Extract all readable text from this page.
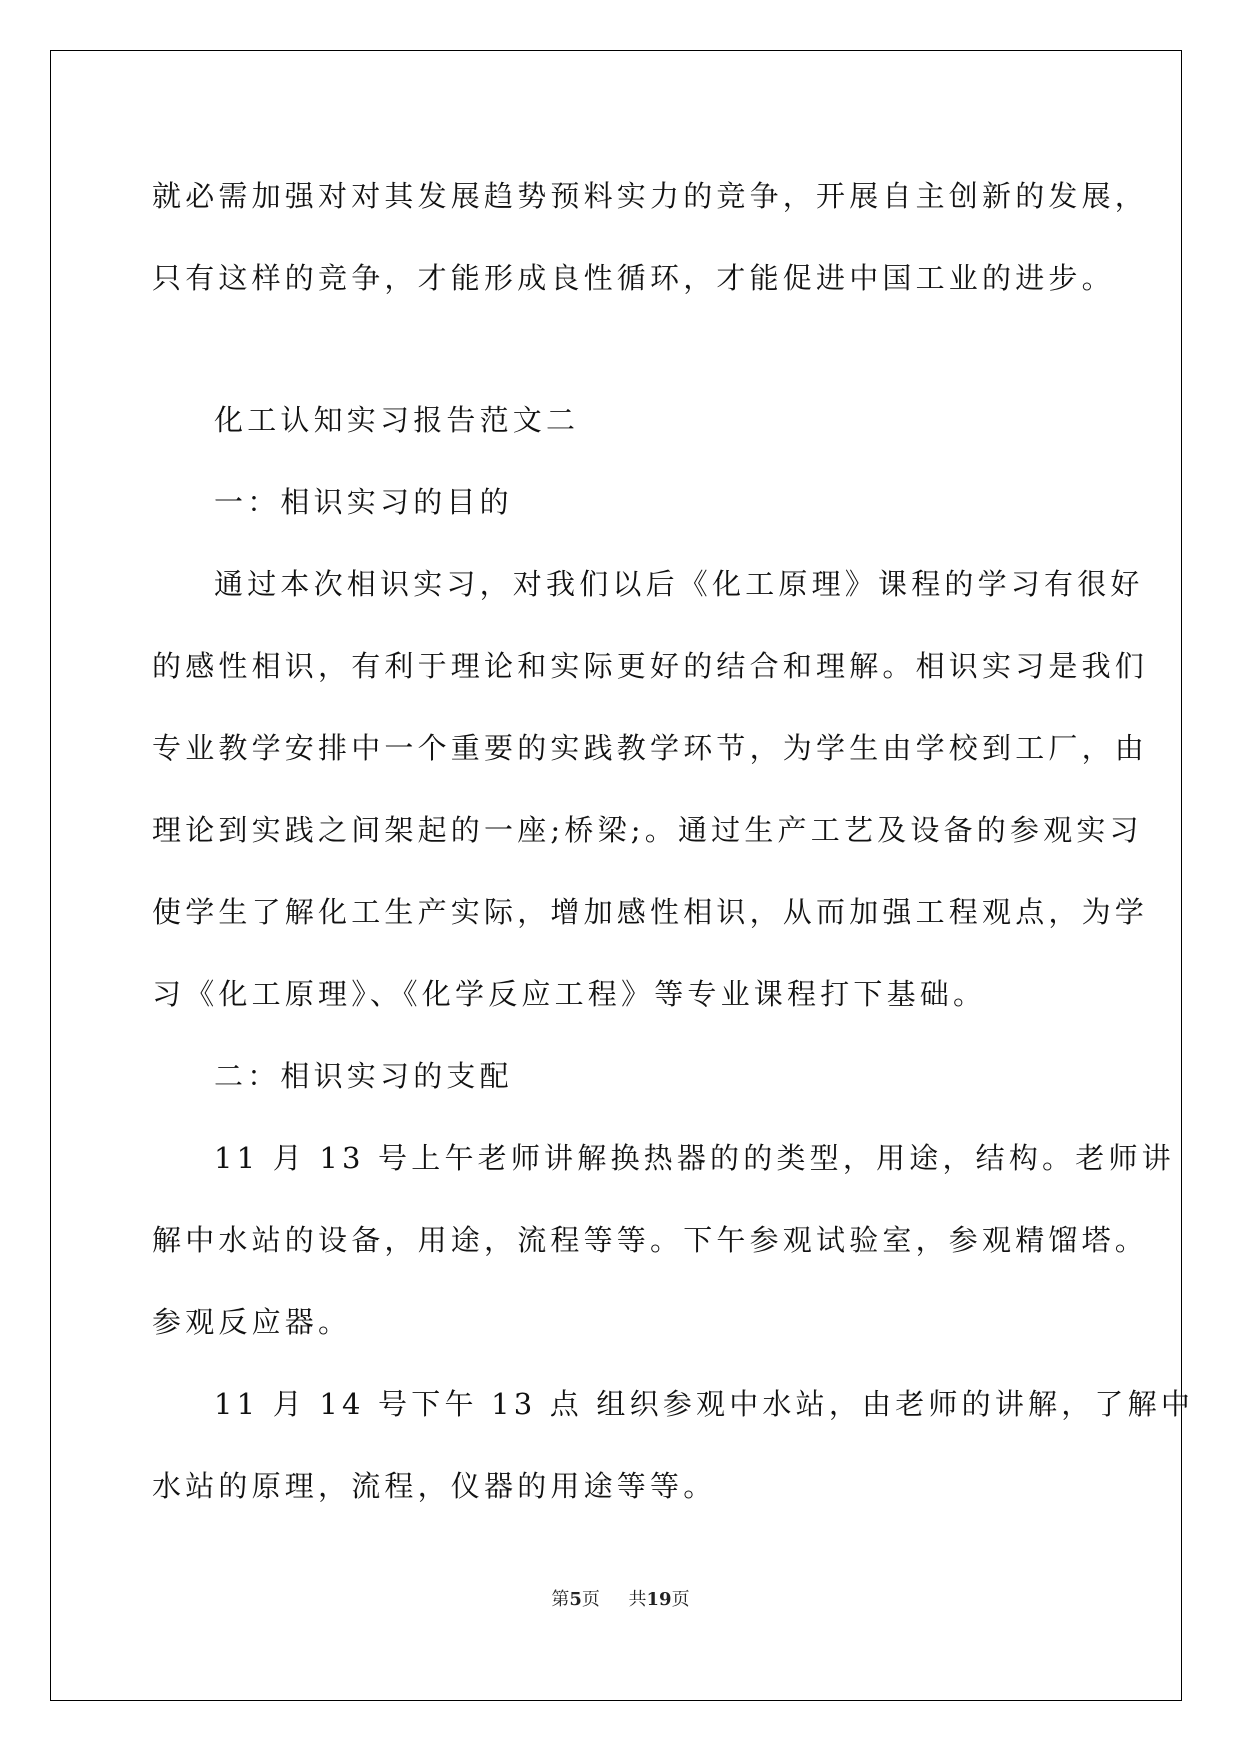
就必需加强对对其发展趋势预料实力的竞争，开展自主创新的发展，
只有这样的竞争，才能形成良性循环，才能促进中国工业的进步。
化工认知实习报告范文二
一：相识实习的目的
通过本次相识实习，对我们以后《化工原理》课程的学习有很好
的感性相识，有利于理论和实际更好的结合和理解。相识实习是我们
专业教学安排中一个重要的实践教学环节，为学生由学校到工厂，由
理论到实践之间架起的一座;桥梁;。通过生产工艺及设备的参观实习
使学生了解化工生产实际，增加感性相识，从而加强工程观点，为学
习《化工原理》、《化学反应工程》等专业课程打下基础。
二：相识实习的支配
11 月 13 号上午老师讲解换热器的的类型，用途，结构。老师讲
解中水站的设备，用途，流程等等。下午参观试验室，参观精馏塔。
参观反应器。
11 月 14 号下午 13 点 组织参观中水站，由老师的讲解，了解中
水站的原理，流程，仪器的用途等等。
第5页 共19页
